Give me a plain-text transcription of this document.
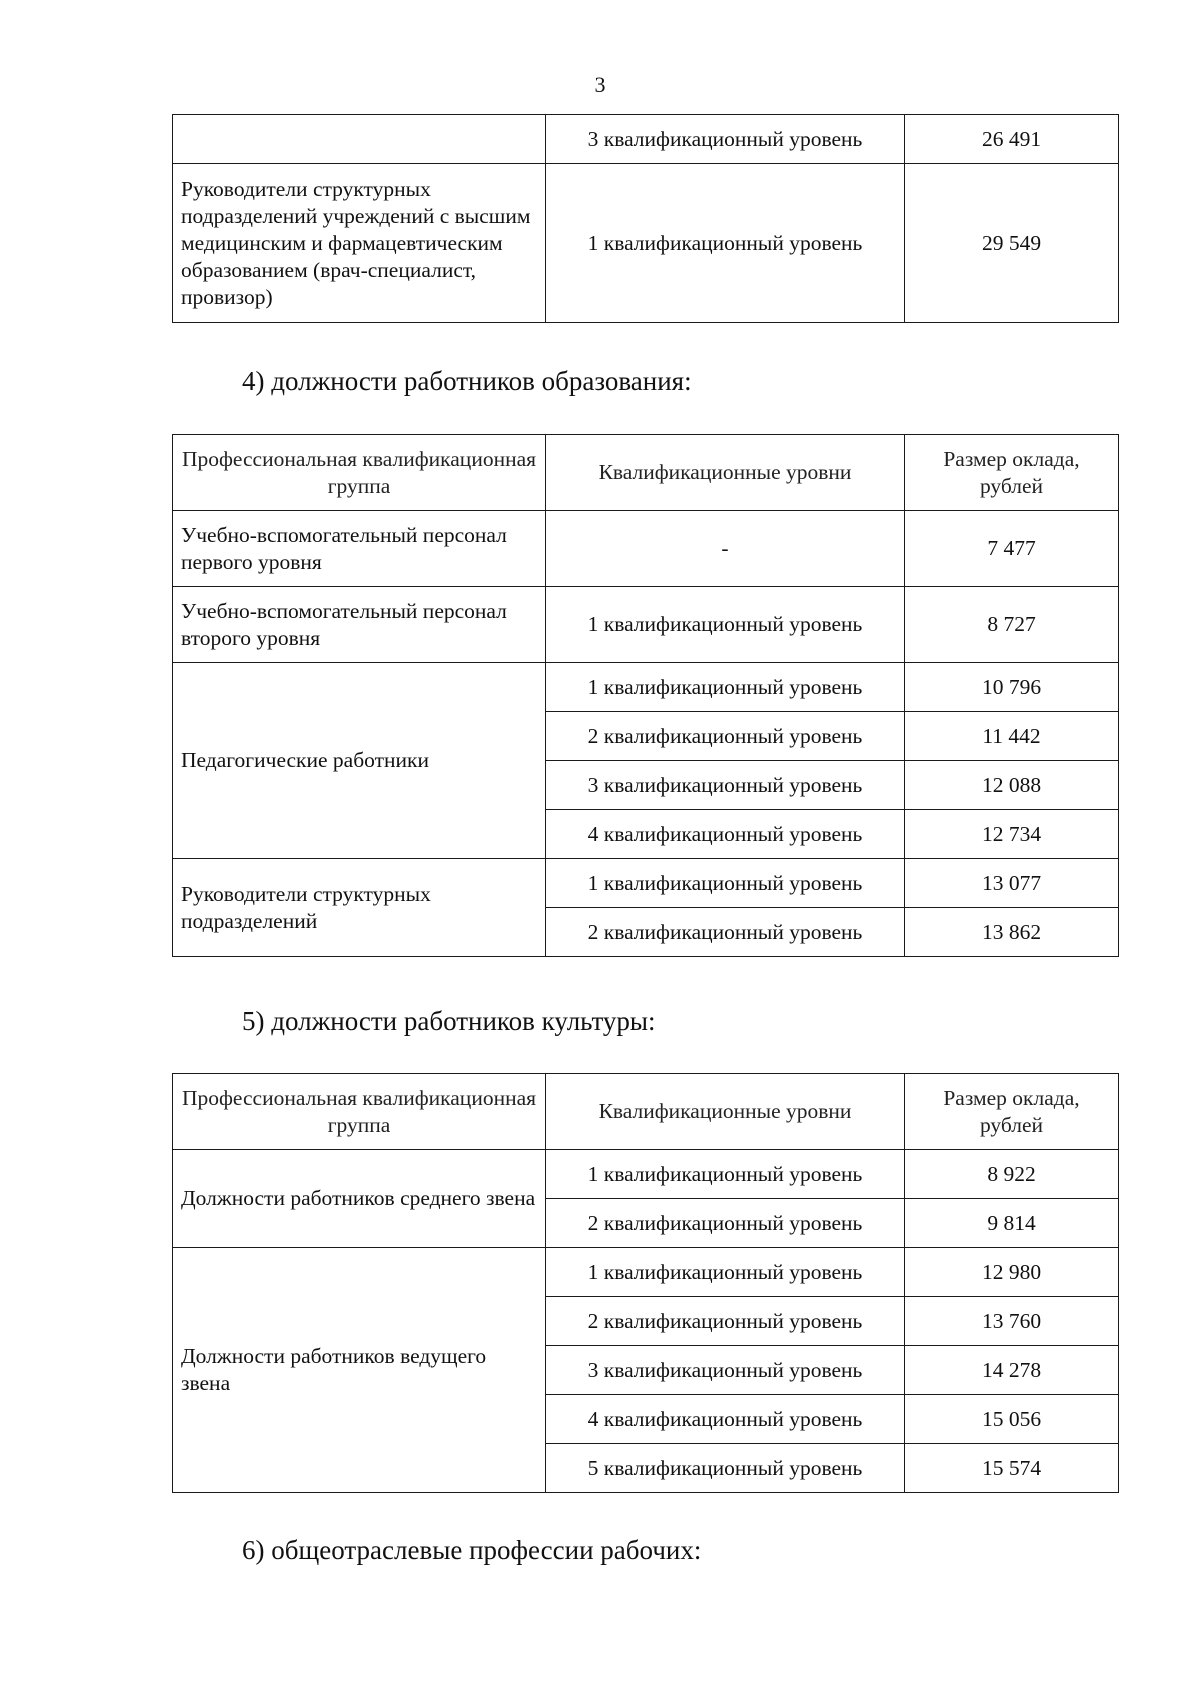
3
	3 квалификационный уровень	26 491
Руководители структурных подразделений учреждений с высшим медицинским и фармацевтическим образованием (врач-специалист, провизор)	1 квалификационный уровень	29 549
4) должности работников образования:
Профессиональная квалификационная группа	Квалификационные уровни	Размер оклада, рублей
Учебно-вспомогательный персонал первого уровня	-	7 477
Учебно-вспомогательный персонал второго уровня	1 квалификационный уровень	8 727
Педагогические работники	1 квалификационный уровень	10 796
	2 квалификационный уровень	11 442
	3 квалификационный уровень	12 088
	4 квалификационный уровень	12 734
Руководители структурных подразделений	1 квалификационный уровень	13 077
	2 квалификационный уровень	13 862
5) должности работников культуры:
Профессиональная квалификационная группа	Квалификационные уровни	Размер оклада, рублей
Должности работников среднего звена	1 квалификационный уровень	8 922
	2 квалификационный уровень	9 814
Должности работников ведущего звена	1 квалификационный уровень	12 980
	2 квалификационный уровень	13 760
	3 квалификационный уровень	14 278
	4 квалификационный уровень	15 056
	5 квалификационный уровень	15 574
6) общеотраслевые профессии рабочих:
